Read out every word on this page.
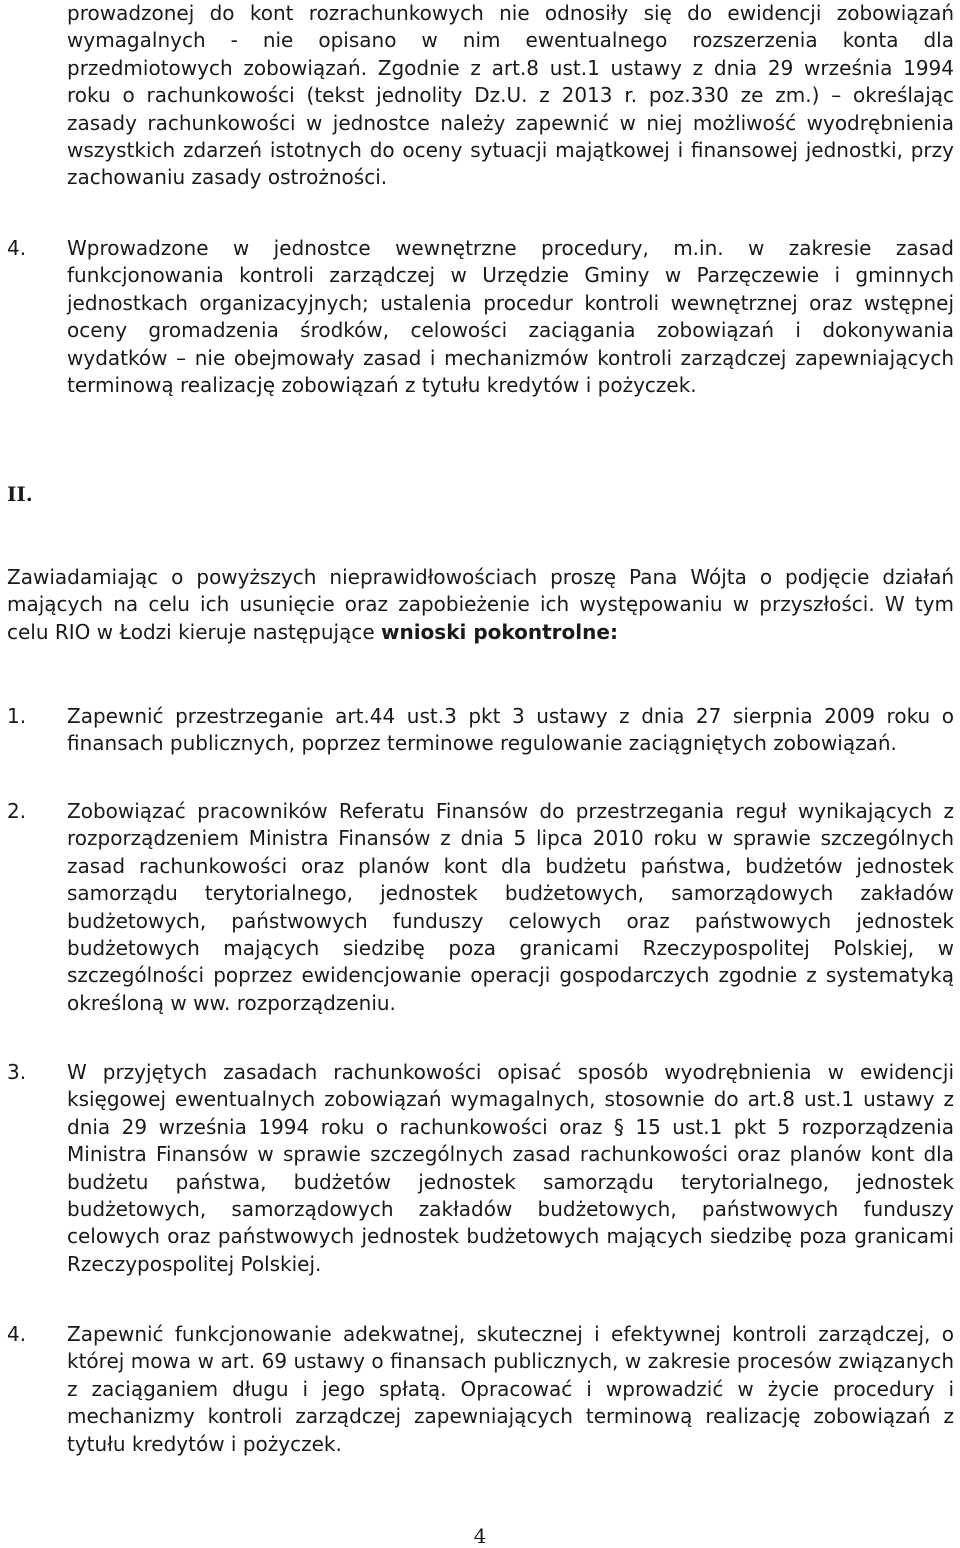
prowadzonej do kont rozrachunkowych nie odnosiły się do ewidencji zobowiązań wymagalnych - nie opisano w nim ewentualnego rozszerzenia konta dla przedmiotowych zobowiązań. Zgodnie z art.8 ust.1 ustawy z dnia 29 września 1994 roku o rachunkowości (tekst jednolity Dz.U. z 2013 r. poz.330 ze zm.) – określając zasady rachunkowości w jednostce należy zapewnić w niej możliwość wyodrębnienia wszystkich zdarzeń istotnych do oceny sytuacji majątkowej i finansowej jednostki, przy zachowaniu zasady ostrożności.

4. Wprowadzone w jednostce wewnętrzne procedury, m.in. w zakresie zasad funkcjonowania kontroli zarządczej w Urzędzie Gminy w Parzęczewie i gminnych jednostkach organizacyjnych; ustalenia procedur kontroli wewnętrznej oraz wstępnej oceny gromadzenia środków, celowości zaciągania zobowiązań i dokonywania wydatków – nie obejmowały zasad i mechanizmów kontroli zarządczej zapewniających terminową realizację zobowiązań z tytułu kredytów i pożyczek.

II.

Zawiadamiając o powyższych nieprawidłowościach proszę Pana Wójta o podjęcie działań mających na celu ich usunięcie oraz zapobieżenie ich występowaniu w przyszłości. W tym celu RIO w Łodzi kieruje następujące wnioski pokontrolne:

1. Zapewnić przestrzeganie art.44 ust.3 pkt 3 ustawy z dnia 27 sierpnia 2009 roku o finansach publicznych, poprzez terminowe regulowanie zaciągniętych zobowiązań.

2. Zobowiązać pracowników Referatu Finansów do przestrzegania reguł wynikających z rozporządzeniem Ministra Finansów z dnia 5 lipca 2010 roku w sprawie szczególnych zasad rachunkowości oraz planów kont dla budżetu państwa, budżetów jednostek samorządu terytorialnego, jednostek budżetowych, samorządowych zakładów budżetowych, państwowych funduszy celowych oraz państwowych jednostek budżetowych mających siedzibę poza granicami Rzeczypospolitej Polskiej, w szczególności poprzez ewidencjowanie operacji gospodarczych zgodnie z systematyką określoną w ww. rozporządzeniu.

3. W przyjętych zasadach rachunkowości opisać sposób wyodrębnienia w ewidencji księgowej ewentualnych zobowiązań wymagalnych, stosownie do art.8 ust.1 ustawy z dnia 29 września 1994 roku o rachunkowości oraz § 15 ust.1 pkt 5 rozporządzenia Ministra Finansów w sprawie szczególnych zasad rachunkowości oraz planów kont dla budżetu państwa, budżetów jednostek samorządu terytorialnego, jednostek budżetowych, samorządowych zakładów budżetowych, państwowych funduszy celowych oraz państwowych jednostek budżetowych mających siedzibę poza granicami Rzeczypospolitej Polskiej.

4. Zapewnić funkcjonowanie adekwatnej, skutecznej i efektywnej kontroli zarządczej, o której mowa w art. 69 ustawy o finansach publicznych, w zakresie procesów związanych z zaciąganiem długu i jego spłatą. Opracować i wprowadzić w życie procedury i mechanizmy kontroli zarządczej zapewniających terminową realizację zobowiązań z tytułu kredytów i pożyczek.

4
